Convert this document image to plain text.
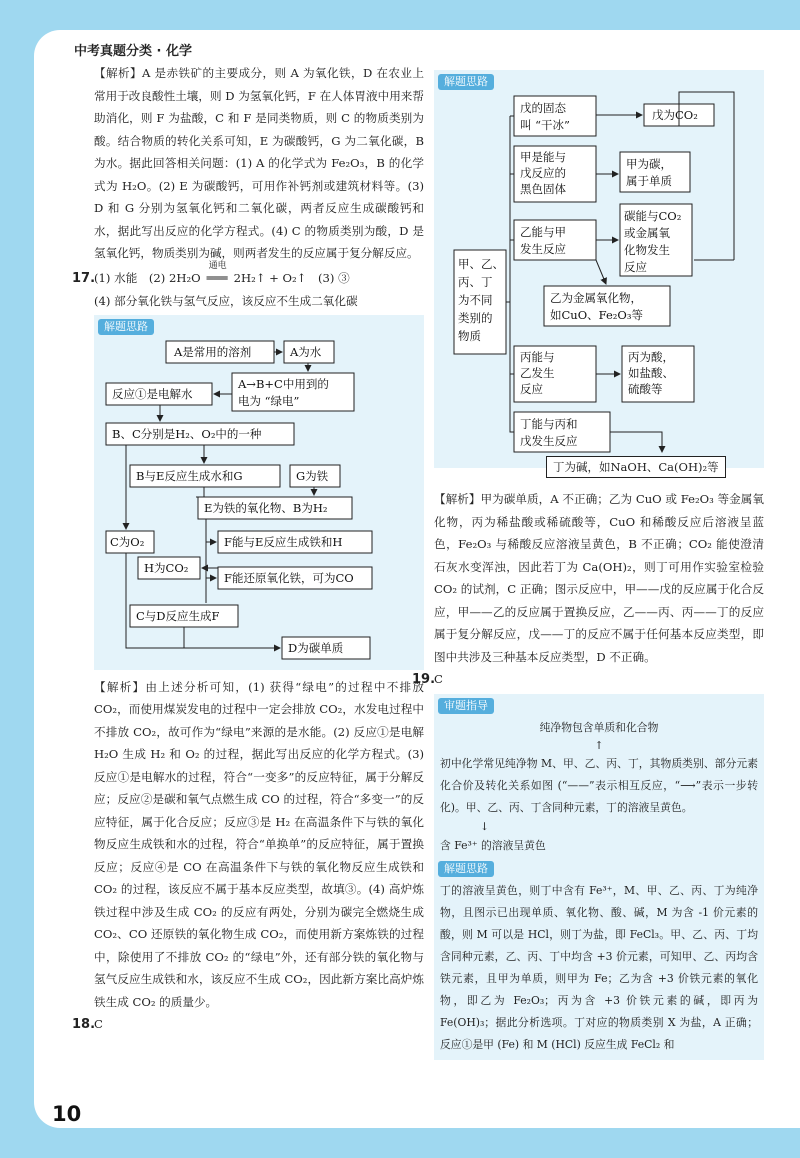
中考真题分类 · 化学

【解析】A 是赤铁矿的主要成分，则 A 为氧化铁，D 在农业上常用于改良酸性土壤，则 D 为氢氧化钙，F 在人体胃液中用来帮助消化，则 F 为盐酸，C 和 F 是同类物质，则 C 的物质类别为酸。结合物质的转化关系可知，E 为碳酸钙，G 为二氧化碳，B 为水。据此回答相关问题：(1) A 的化学式为 Fe₂O₃，B 的化学式为 H₂O。(2) E 为碳酸钙，可用作补钙剂或建筑材料等。(3) D 和 G 分别为氢氧化钙和二氧化碳，两者反应生成碳酸钙和水，据此写出反应的化学方程式。(4) C 的物质类别为酸，D 是氢氧化钙，物质类别为碱，则两者发生的反应属于复分解反应。

17.(1) 水能　(2) 2H₂O
通电
═══ 2H₂↑ + O₂↑　(3) ③
(4) 部分氧化铁与氢气反应，该反应不生成二氧化碳
解题思路
A是常用的溶剂	A为水
A→B+C中用到的
电为 “绿电”
反应①是电解水
B、C分别是H₂、O₂中的一种
B与E反应生成水和G	G为铁
E为铁的氧化物、B为H₂
C为O₂	F能与E反应生成铁和H
H为CO₂
F能还原氧化铁，可为CO
C与D反应生成F
D为碳单质

【解析】由上述分析可知，(1) 获得“绿电”的过程中不排放 CO₂，而使用煤炭发电的过程中一定会排放 CO₂，水发电过程中不排放 CO₂，故可作为“绿电”来源的是水能。(2) 反应①是电解 H₂O 生成 H₂ 和 O₂ 的过程，据此写出反应的化学方程式。(3) 反应①是电解水的过程，符合“一变多”的反应特征，属于分解反应；反应②是碳和氧气点燃生成 CO 的过程，符合“多变一”的反应特征，属于化合反应；反应③是 H₂ 在高温条件下与铁的氧化物反应生成铁和水的过程，符合“单换单”的反应特征，属于置换反应；反应④是 CO 在高温条件下与铁的氧化物反应生成铁和 CO₂ 的过程，该反应不属于基本反应类型，故填③。(4) 高炉炼铁过程中涉及生成 CO₂ 的反应有两处，分别为碳完全燃烧生成 CO₂、CO 还原铁的氧化物生成 CO₂，而使用新方案炼铁的过程中，除使用了不排放 CO₂ 的“绿电”外，还有部分铁的氧化物与氢气反应生成铁和水，该反应不生成 CO₂，因此新方案比高炉炼铁生成 CO₂ 的质量少。

18.C
解题思路
戊的固态
叫 “干冰”
戊为CO₂
甲是能与
戊反应的
黑色固体
甲为碳，
属于单质
碳能与CO₂
或金属氧
化物发生
反应
乙能与甲
发生反应
甲、乙、
丙、丁
为不同
类别的
物质
乙为金属氧化物，
如CuO、Fe₂O₃等
丙能与
乙发生
反应
丙为酸，
如盐酸、
硫酸等
丁能与丙和
戊发生反应
丁为碱，如NaOH、Ca(OH)₂等

【解析】甲为碳单质，A 不正确；乙为 CuO 或 Fe₂O₃ 等金属氧化物，丙为稀盐酸或稀硫酸等，CuO 和稀酸反应后溶液呈蓝色，Fe₂O₃ 与稀酸反应溶液呈黄色，B 不正确；CO₂ 能使澄清石灰水变浑浊，因此若丁为 Ca(OH)₂，则丁可用作实验室检验 CO₂ 的试剂，C 正确；图示反应中，甲——戊的反应属于化合反应，甲——乙的反应属于置换反应，乙——丙、丙——丁的反应属于复分解反应，戊——丁的反应不属于任何基本反应类型，即图中共涉及三种基本反应类型，D 不正确。

19.C
审题指导
纯净物包含单质和化合物
↑
初中化学常见纯净物 M、甲、乙、丙、丁，其物质类别、部分元素化合价及转化关系如图 (“——”表示相互反应，“⟶”表示一步转化)。甲、乙、丙、丁含同种元素，丁的溶液呈黄色。
↓
含 Fe³⁺ 的溶液呈黄色
解题思路
丁的溶液呈黄色，则丁中含有 Fe³⁺，M、甲、乙、丙、丁为纯净物，且图示已出现单质、氧化物、酸、碱，M 为含 -1 价元素的酸，则 M 可以是 HCl，则丁为盐，即 FeCl₃。甲、乙、丙、丁均含同种元素，乙、丙、丁中均含 +3 价元素，可知甲、乙、丙均含铁元素，且甲为单质，则甲为 Fe；乙为含 +3 价铁元素的氧化物，即乙为 Fe₂O₃；丙为含 +3 价铁元素的碱，即丙为 Fe(OH)₃；据此分析选项。丁对应的物质类别 X 为盐，A 正确；反应①是甲 (Fe) 和 M (HCl) 反应生成 FeCl₂ 和
10
